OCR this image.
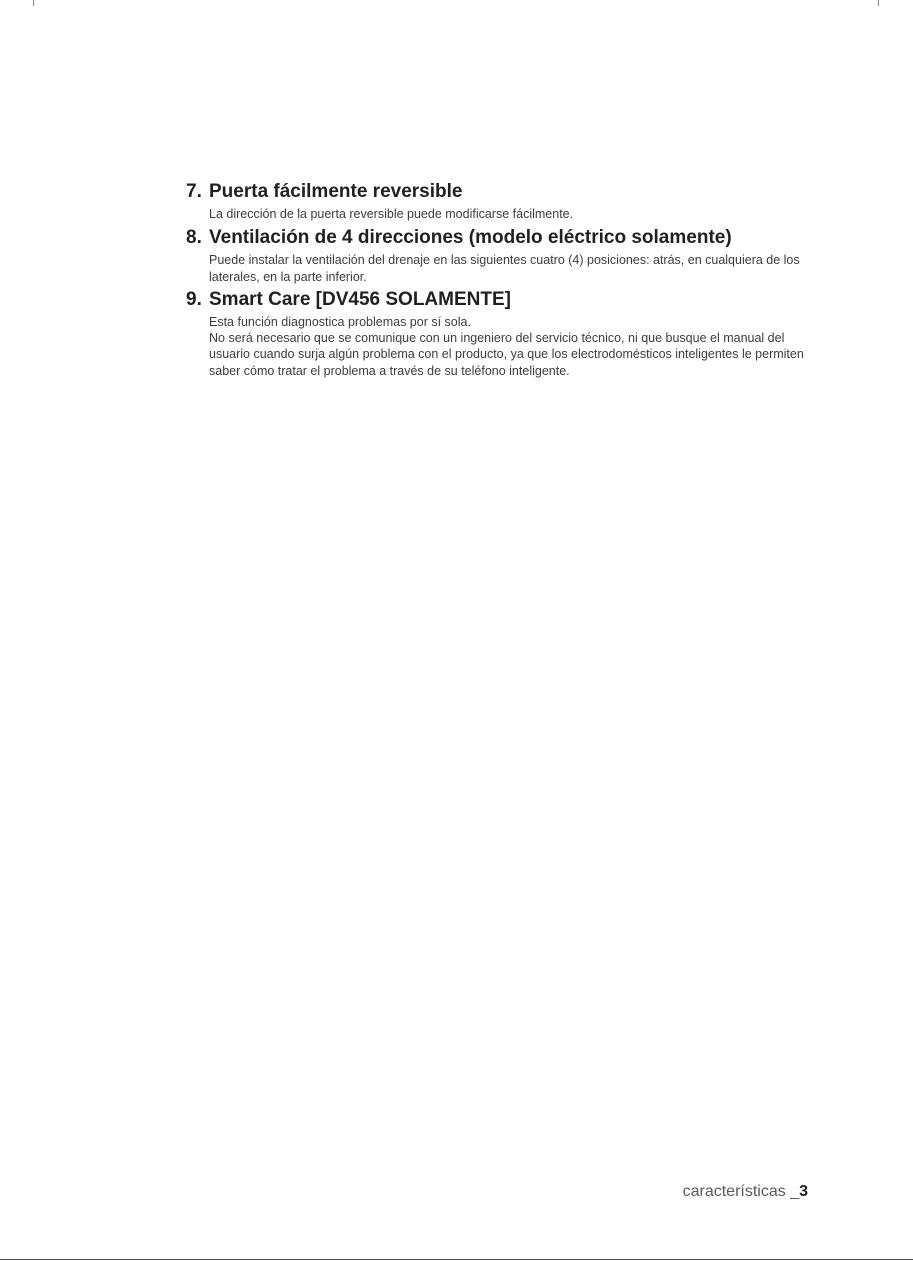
7. Puerta fácilmente reversible

La dirección de la puerta reversible puede modificarse fácilmente.

8. Ventilación de 4 direcciones (modelo eléctrico solamente)

Puede instalar la ventilación del drenaje en las siguientes cuatro (4) posiciones: atrás, en cualquiera de los laterales, en la parte inferior.

9. Smart Care [DV456 SOLAMENTE]

Esta función diagnostica problemas por sí sola.

No será necesario que se comunique con un ingeniero del servicio técnico, ni que busque el manual del usuario cuando surja algún problema con el producto, ya que los electrodomésticos inteligentes le permiten saber cómo tratar el problema a través de su teléfono inteligente.

características _3
